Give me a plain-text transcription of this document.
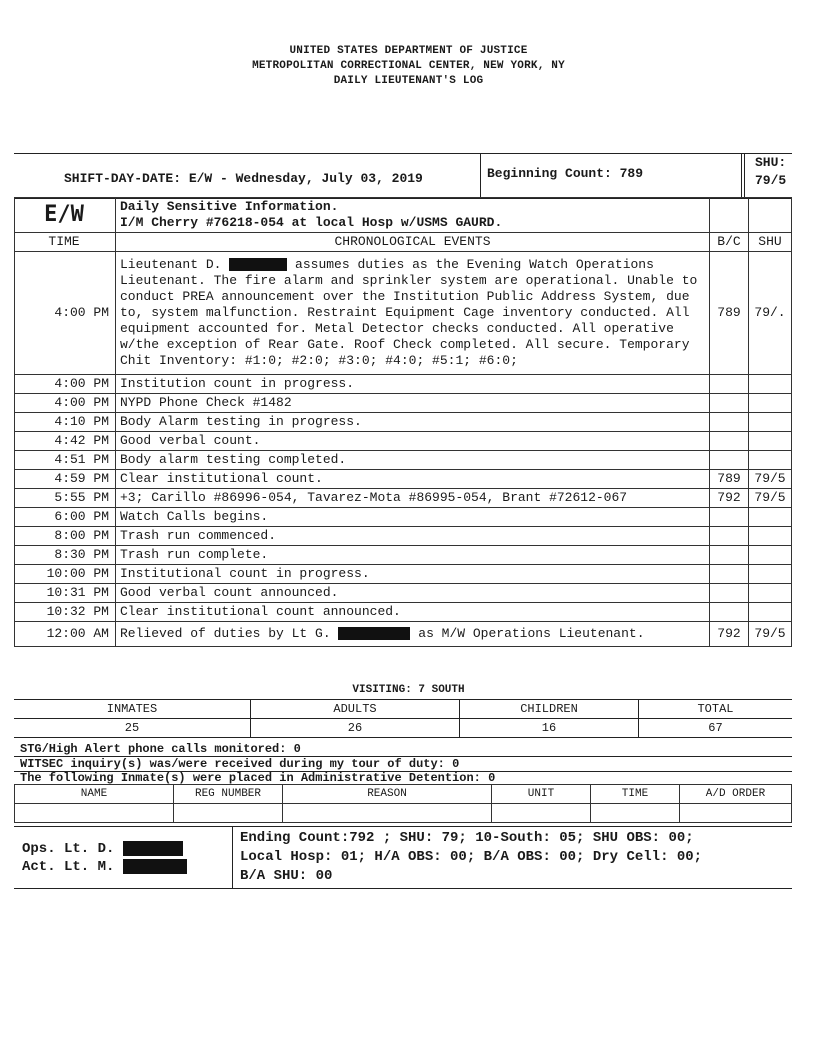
UNITED STATES DEPARTMENT OF JUSTICE
METROPOLITAN CORRECTIONAL CENTER, NEW YORK, NY
DAILY LIEUTENANT'S LOG
SHIFT-DAY-DATE: E/W - Wednesday, July 03, 2019	Beginning Count: 789
SHU:
79/5
E/W	Daily Sensitive Information.
I/M Cherry #76218-054 at local Hosp w/USMS GAURD.		

TIME	CHRONOLOGICAL EVENTS	B/C	SHU
4:00 PM	Lieutenant D. assumes duties as the Evening Watch Operations Lieutenant. The fire alarm and sprinkler system are operational. Unable to conduct PREA announcement over the Institution Public Address System, due to, system malfunction. Restraint Equipment Cage inventory conducted. All equipment accounted for. Metal Detector checks conducted. All operative w/the exception of Rear Gate. Roof Check completed. All secure. Temporary Chit Inventory: #1:0; #2:0; #3:0; #4:0; #5:1; #6:0;	789	79/.
4:00 PM	Institution count in progress.		
4:00 PM	NYPD Phone Check #1482		
4:10 PM	Body Alarm testing in progress.		
4:42 PM	Good verbal count.		
4:51 PM	Body alarm testing completed.		
4:59 PM	Clear institutional count.	789	79/5
5:55 PM	+3; Carillo #86996-054, Tavarez-Mota #86995-054, Brant #72612-067	792	79/5
6:00 PM	Watch Calls begins.		
8:00 PM	Trash run commenced.		
8:30 PM	Trash run complete.		
10:00 PM	Institutional count in progress.		
10:31 PM	Good verbal count announced.		
10:32 PM	Clear institutional count announced.		
12:00 AM	Relieved of duties by Lt G. as M/W Operations Lieutenant.	792	79/5
VISITING: 7 SOUTH
INMATES	ADULTS	CHILDREN	TOTAL
25	26	16	67
STG/High Alert phone calls monitored: 0
WITSEC inquiry(s) was/were received during my tour of duty: 0
The following Inmate(s) were placed in Administrative Detention: 0
NAME	REG NUMBER	REASON	UNIT	TIME	A/D ORDER

Ops. Lt. D.
Act. Lt. M.
Ending Count:792 ; SHU: 79; 10-South: 05; SHU OBS: 00;
Local Hosp: 01; H/A OBS: 00; B/A OBS: 00; Dry Cell: 00;
B/A SHU: 00
